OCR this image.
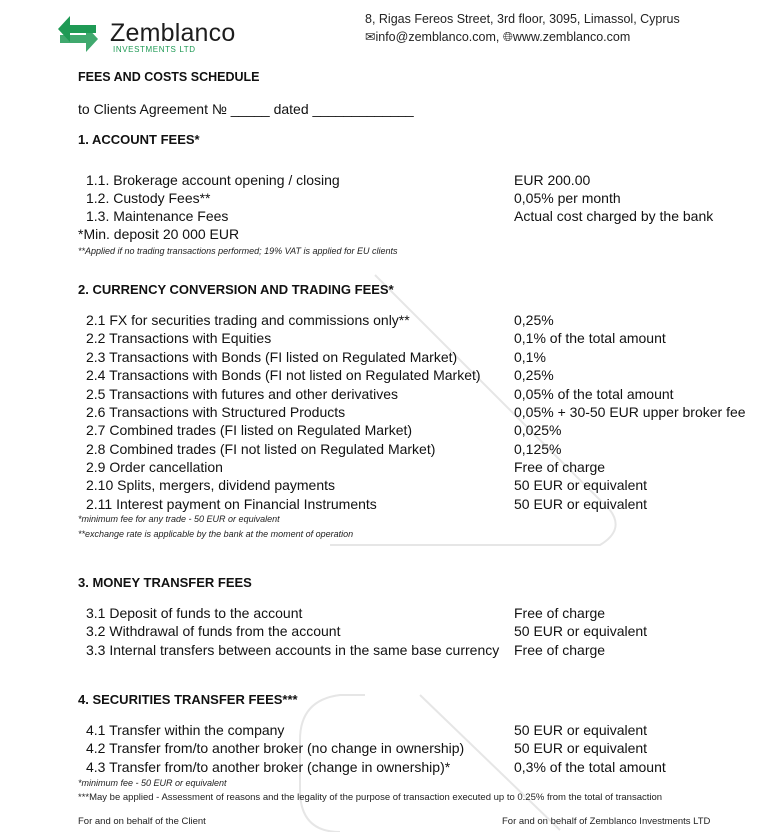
Zemblanco
INVESTMENTS LTD
8, Rigas Fereos Street, 3rd floor, 3095, Limassol, Cyprus
✉info@zemblanco.com, 🌐︎www.zemblanco.com
FEES AND COSTS SCHEDULE
to Clients Agreement № _____ dated _____________
1. ACCOUNT FEES*
1.1. Brokerage account opening / closing	EUR 200.00
1.2. Custody Fees**	0,05% per month
1.3. Maintenance Fees	Actual cost charged by the bank
*Min. deposit 20 000 EUR
**Applied if no trading transactions performed; 19% VAT is applied for EU clients
2. CURRENCY CONVERSION AND TRADING FEES*
2.1 FX for securities trading and commissions only**	0,25%
2.2 Transactions with Equities	0,1% of the total amount
2.3 Transactions with Bonds (FI listed on Regulated Market)	0,1%
2.4 Transactions with Bonds (FI not listed on Regulated Market) 0,25%
2.5 Transactions with futures and other derivatives	0,05% of the total amount
2.6 Transactions with Structured Products	0,05% + 30-50 EUR upper broker fee
2.7 Combined trades (FI listed on Regulated Market)	0,025%
2.8 Combined trades (FI not listed on Regulated Market)	0,125%
2.9 Order cancellation	Free of charge
2.10 Splits, mergers, dividend payments	50 EUR or equivalent
2.11 Interest payment on Financial Instruments	50 EUR or equivalent
*minimum fee for any trade - 50 EUR or equivalent
**exchange rate is applicable by the bank at the moment of operation
3. MONEY TRANSFER FEES
3.1 Deposit of funds to the account	Free of charge
3.2 Withdrawal of funds from the account	50 EUR or equivalent
3.3 Internal transfers between accounts in the same base currency Free of charge
4. SECURITIES TRANSFER FEES***
4.1 Transfer within the company	50 EUR or equivalent
4.2 Transfer from/to another broker (no change in ownership)	50 EUR or equivalent
4.3 Transfer from/to another broker (change in ownership)*	0,3% of the total amount
*minimum fee - 50 EUR or equivalent
***May be applied - Assessment of reasons and the legality of the purpose of transaction executed up to 0.25% from the total of transaction
For and on behalf of the Client	For and on behalf of Zemblanco Investments LTD
